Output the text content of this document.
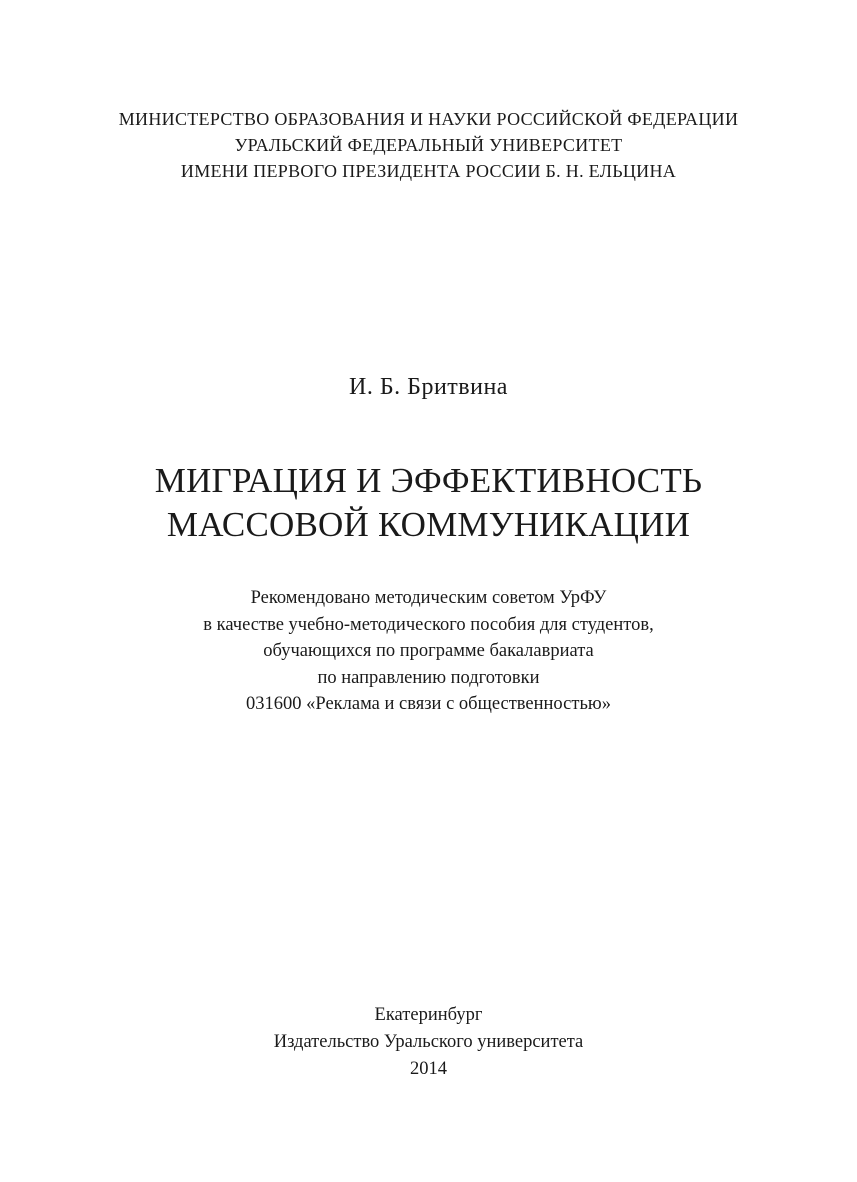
МИНИСТЕРСТВО ОБРАЗОВАНИЯ И НАУКИ РОССИЙСКОЙ ФЕДЕРАЦИИ
УРАЛЬСКИЙ ФЕДЕРАЛЬНЫЙ УНИВЕРСИТЕТ
ИМЕНИ ПЕРВОГО ПРЕЗИДЕНТА РОССИИ Б. Н. ЕЛЬЦИНА
И. Б. Бритвина
МИГРАЦИЯ И ЭФФЕКТИВНОСТЬ
МАССОВОЙ КОММУНИКАЦИИ
Рекомендовано методическим советом УрФУ
в качестве учебно-методического пособия для студентов,
обучающихся по программе бакалавриата
по направлению подготовки
031600 «Реклама и связи с общественностью»
Екатеринбург
Издательство Уральского университета
2014
